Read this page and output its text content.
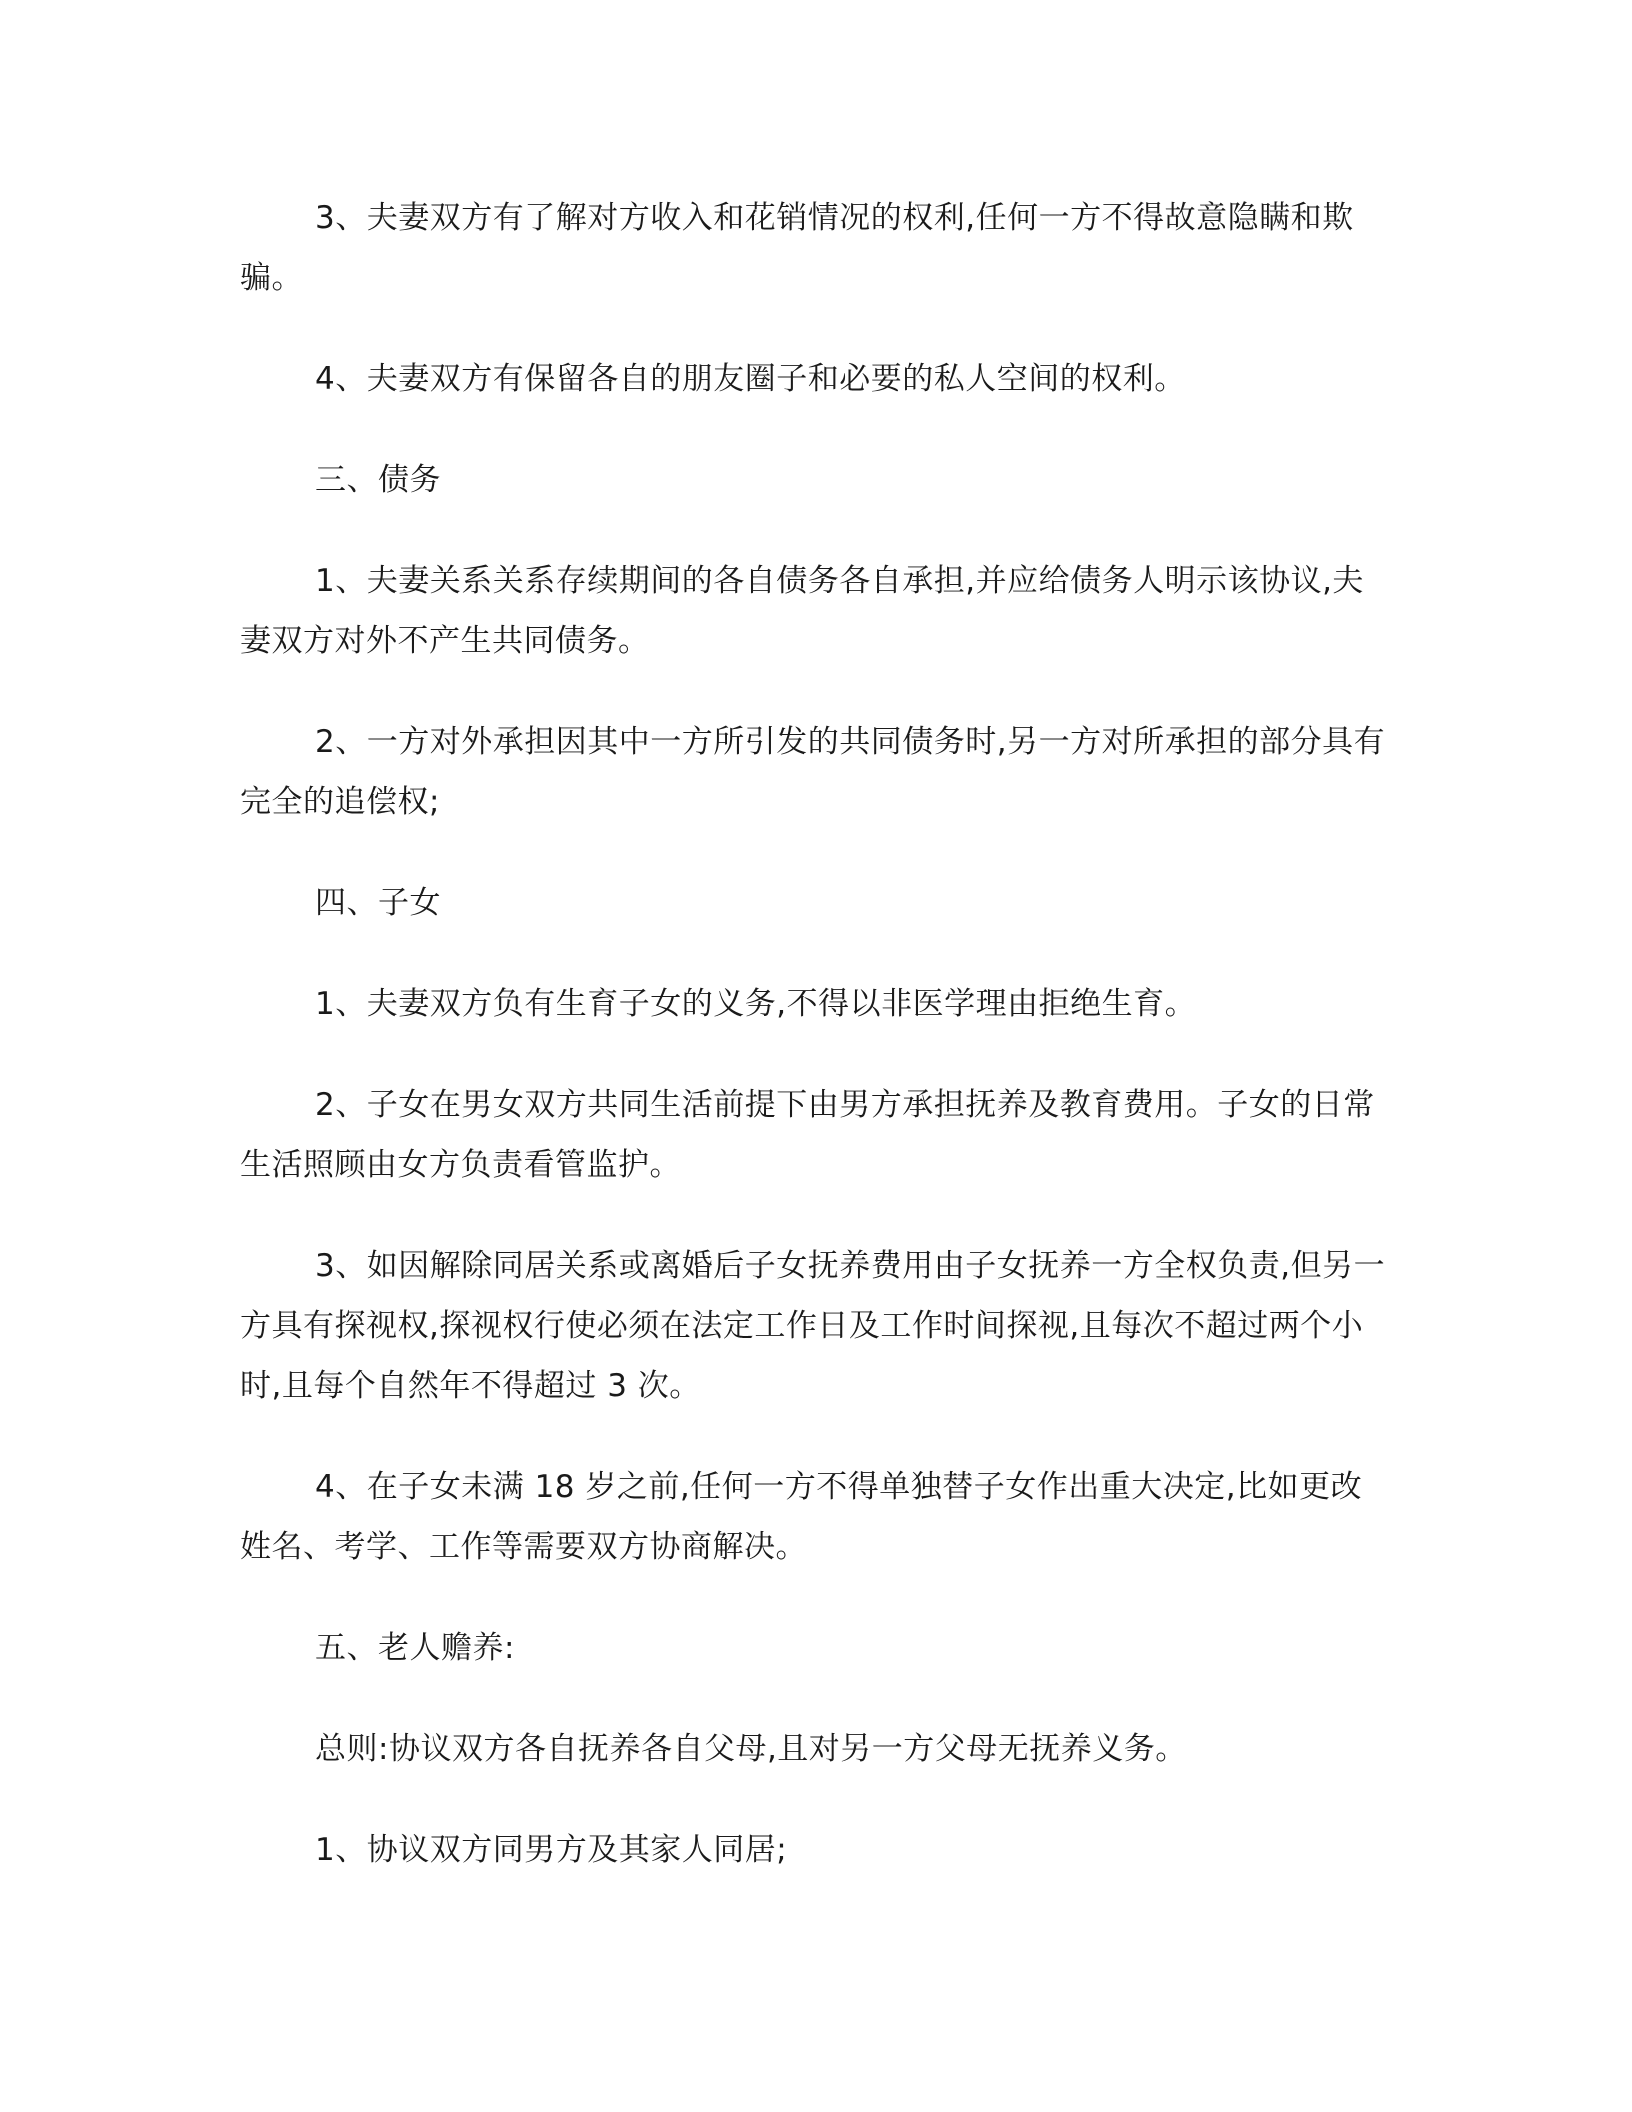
3、夫妻双方有了解对方收入和花销情况的权利,任何一方不得故意隐瞒和欺骗。

4、夫妻双方有保留各自的朋友圈子和必要的私人空间的权利。

三、债务

1、夫妻关系关系存续期间的各自债务各自承担,并应给债务人明示该协议,夫妻双方对外不产生共同债务。

2、一方对外承担因其中一方所引发的共同债务时,另一方对所承担的部分具有完全的追偿权;

四、子女

1、夫妻双方负有生育子女的义务,不得以非医学理由拒绝生育。

2、子女在男女双方共同生活前提下由男方承担抚养及教育费用。子女的日常生活照顾由女方负责看管监护。

3、如因解除同居关系或离婚后子女抚养费用由子女抚养一方全权负责,但另一方具有探视权,探视权行使必须在法定工作日及工作时间探视,且每次不超过两个小时,且每个自然年不得超过 3 次。

4、在子女未满 18 岁之前,任何一方不得单独替子女作出重大决定,比如更改姓名、考学、工作等需要双方协商解决。

五、老人赡养:

总则:协议双方各自抚养各自父母,且对另一方父母无抚养义务。

1、协议双方同男方及其家人同居;
